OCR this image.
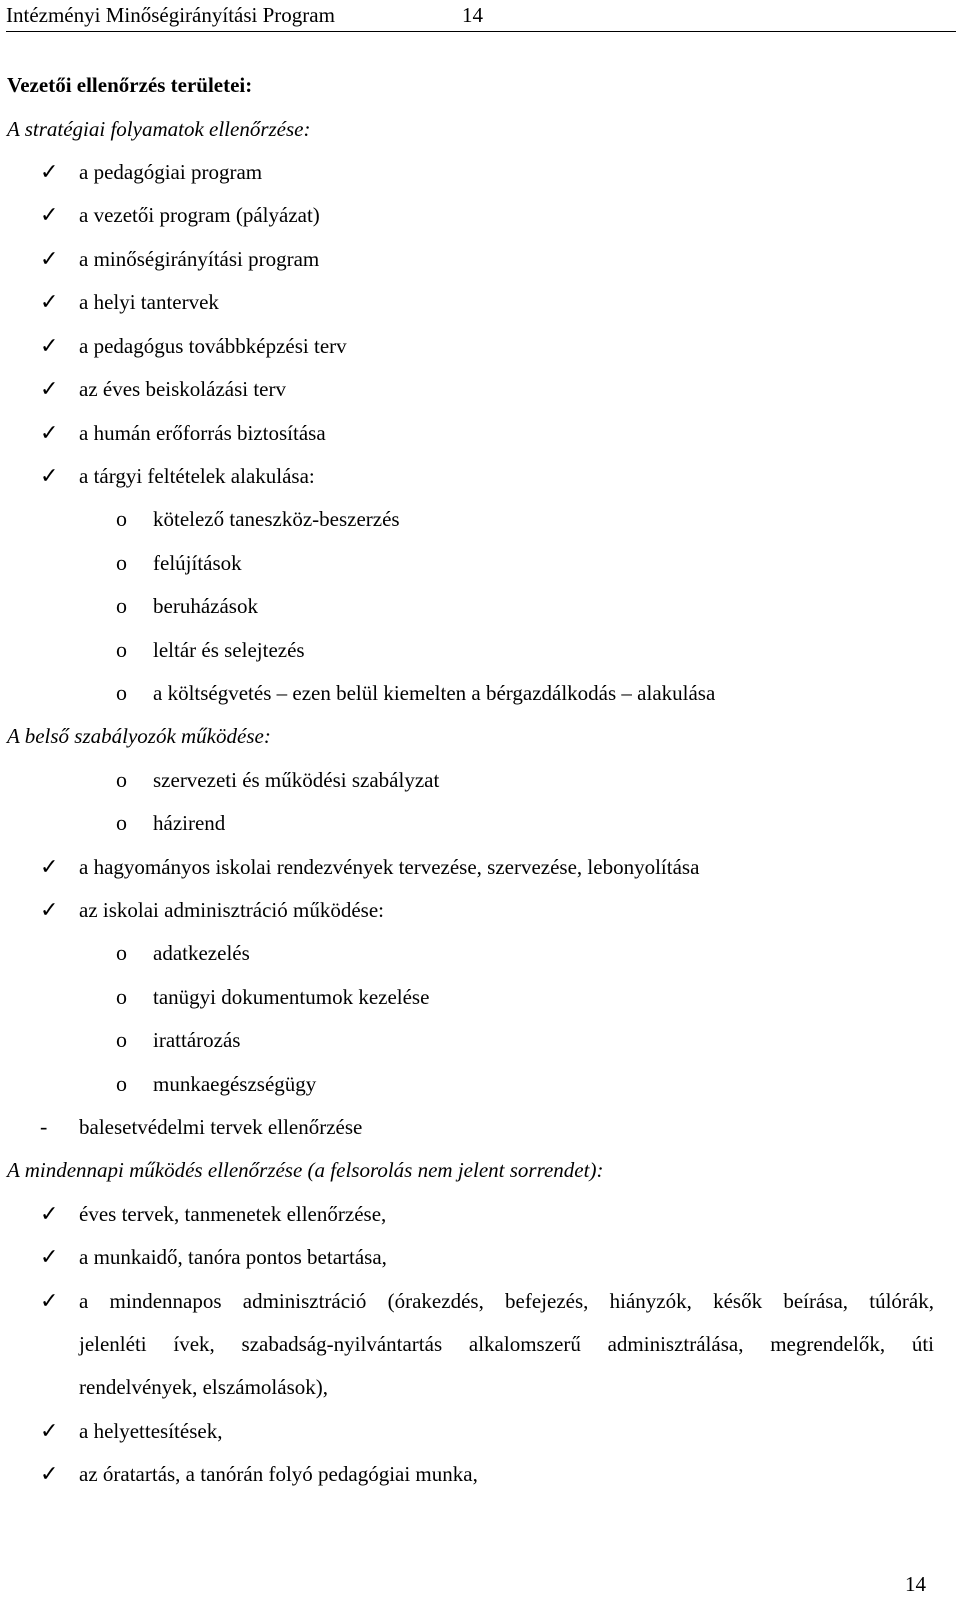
Intézményi Minőségirányítási Program	14
Vezetői ellenőrzés területei:
A stratégiai folyamatok ellenőrzése:
✓ a pedagógiai program
✓ a vezetői program (pályázat)
✓ a minőségirányítási program
✓ a helyi tantervek
✓ a pedagógus továbbképzési terv
✓ az éves beiskolázási terv
✓ a humán erőforrás biztosítása
✓ a tárgyi feltételek alakulása:
o kötelező taneszköz-beszerzés
o felújítások
o beruházások
o leltár és selejtezés
o a költségvetés – ezen belül kiemelten a bérgazdálkodás – alakulása
A belső szabályozók működése:
o szervezeti és működési szabályzat
o házirend
✓ a hagyományos iskolai rendezvények tervezése, szervezése, lebonyolítása
✓ az iskolai adminisztráció működése:
o adatkezelés
o tanügyi dokumentumok kezelése
o irattározás
o munkaegészségügy
- balesetvédelmi tervek ellenőrzése
A mindennapi működés ellenőrzése (a felsorolás nem jelent sorrendet):
✓ éves tervek, tanmenetek ellenőrzése,
✓ a munkaidő, tanóra pontos betartása,
✓ a mindennapos adminisztráció (órakezdés, befejezés, hiányzók, késők beírása, túlórák,
jelenléti ívek, szabadság-nyilvántartás alkalomszerű adminisztrálása, megrendelők, úti
rendelvények, elszámolások),
✓ a helyettesítések,
✓ az óratartás, a tanórán folyó pedagógiai munka,
14
